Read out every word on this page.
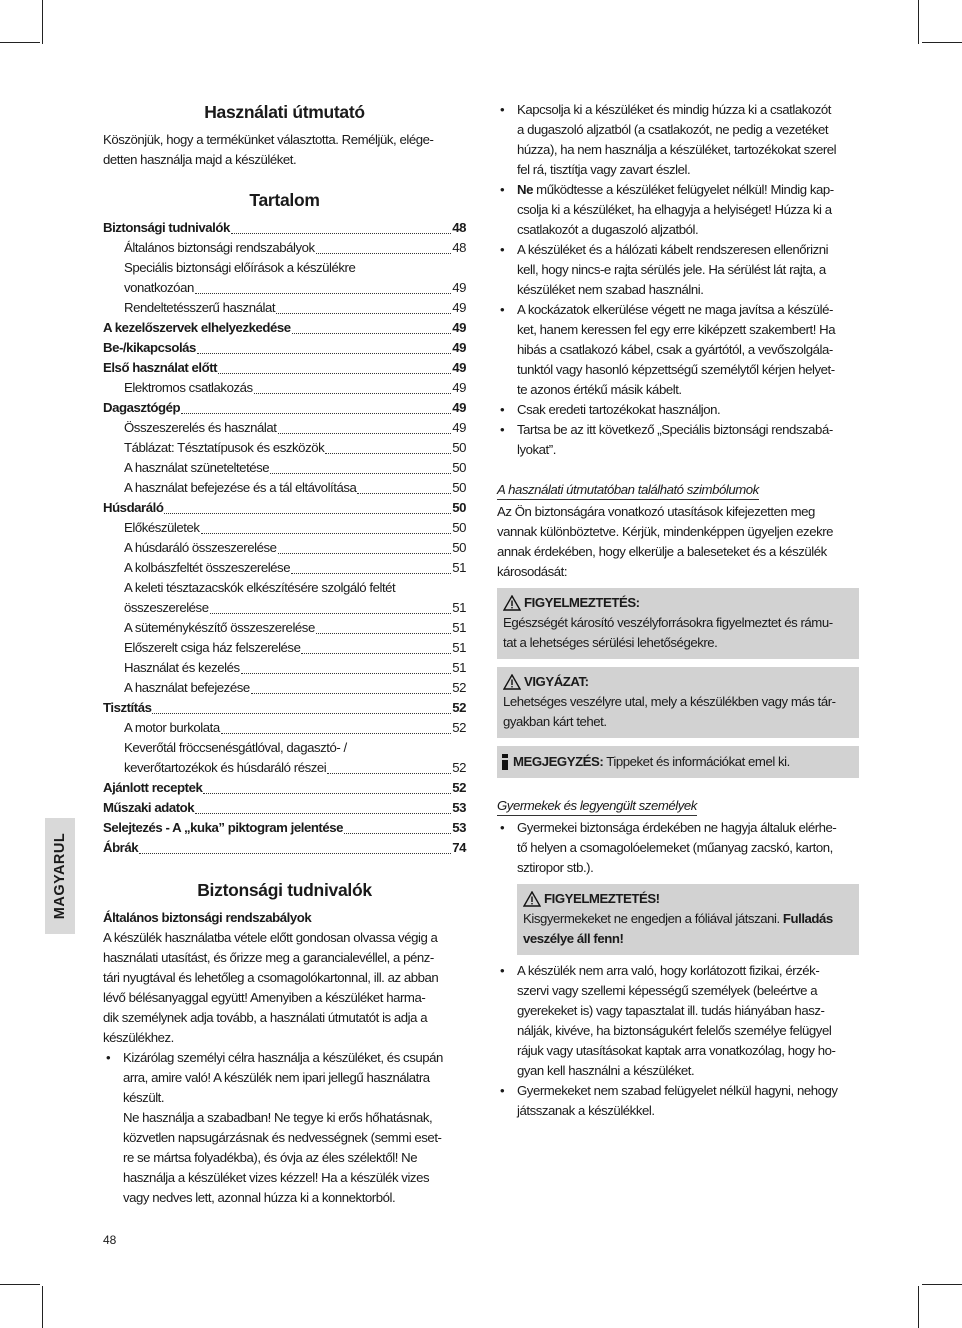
MAGYARUL
Használati útmutató

Köszönjük, hogy a termékünket választotta. Reméljük, elége-
detten használja majd a készüléket.

Tartalom
Biztonsági tudnivalók	48
Általános biztonsági rendszabályok	48
Speciális biztonsági előírások a készülékre
vonatkozóan	49
Rendeltetésszerű használat	49
A kezelőszervek elhelyezkedése	49
Be-/kikapcsolás	49
Első használat előtt	49
Elektromos csatlakozás	49
Dagasztógép	49
Összeszerelés és használat	49
Táblázat: Tésztatípusok és eszközök	50
A használat szüneteltetése	50
A használat befejezése és a tál eltávolítása	50
Húsdaráló	50
Előkészületek	50
A húsdaráló összeszerelése	50
A kolbászfeltét összeszerelése	51
A keleti tésztazacskók elkészítésére szolgáló feltét
összeszerelése	51
A süteménykészítő összeszerelése	51
Előszerelt csiga ház felszerelése	51
Használat és kezelés	51
A használat befejezése	52
Tisztítás	52
A motor burkolata	52
Keverőtál fröccsenésgátlóval, dagasztó- /
keverőtartozékok és húsdaráló részei	52
Ajánlott receptek	52
Műszaki adatok	53
Selejtezés - A „kuka” piktogram jelentése	53
Ábrák	74
Biztonsági tudnivalók

Általános biztonsági rendszabályok

A készülék használatba vétele előtt gondosan olvassa végig a
használati utasítást, és őrizze meg a garancialevéllel, a pénz-
tári nyugtával és lehetőleg a csomagolókartonnal, ill. az abban
lévő bélésanyaggal együtt! Amenyiben a készüléket harma-
dik személynek adja tovább, a használati útmutatót is adja a
készülékhez.

• Kizárólag személyi célra használja a készüléket, és csupán
arra, amire való! A készülék nem ipari jellegű használatra
készült.
Ne használja a szabadban! Ne tegye ki erős hőhatásnak,
közvetlen napsugárzásnak és nedvességnek (semmi eset-
re se mártsa folyadékba), és óvja az éles szélektől! Ne
használja a készüléket vizes kézzel! Ha a készülék vizes
vagy nedves lett, azonnal húzza ki a konnektorból.
• Kapcsolja ki a készüléket és mindig húzza ki a csatlakozót
a dugaszoló aljzatból (a csatlakozót, ne pedig a vezetéket
húzza), ha nem használja a készüléket, tartozékokat szerel
fel rá, tisztítja vagy zavart észlel.
• Ne működtesse a készüléket felügyelet nélkül! Mindig kap-
csolja ki a készüléket, ha elhagyja a helyiséget! Húzza ki a
csatlakozót a dugaszoló aljzatból.
• A készüléket és a hálózati kábelt rendszeresen ellenőrizni
kell, hogy nincs-e rajta sérülés jele. Ha sérülést lát rajta, a
készüléket nem szabad használni.
• A kockázatok elkerülése végett ne maga javítsa a készülé-
ket, hanem keressen fel egy erre kiképzett szakembert! Ha
hibás a csatlakozó kábel, csak a gyártótól, a vevőszolgála-
tunktól vagy hasonló képzettségű személytől kérjen helyet-
te azonos értékű másik kábelt.
• Csak eredeti tartozékokat használjon.
• Tartsa be az itt következő „Speciális biztonsági rendszabá-
lyokat”.
A használati útmutatóban található szimbólumok

Az Ön biztonságára vonatkozó utasítások kifejezetten meg
vannak különböztetve. Kérjük, mindenképpen ügyeljen ezekre
annak érdekében, hogy elkerülje a baleseteket és a készülék
károsodását:

FIGYELMEZTETÉS:
Egészségét károsító veszélyforrásokra figyelmeztet és rámu-
tat a lehetséges sérülési lehetőségekre.
VIGYÁZAT:
Lehetséges veszélyre utal, mely a készülékben vagy más tár-
gyakban kárt tehet.
MEGJEGYZÉS: Tippeket és információkat emel ki.
Gyermekek és legyengült személyek
• Gyermekei biztonsága érdekében ne hagyja általuk elérhe-
tő helyen a csomagolóelemeket (műanyag zacskó, karton,
sztiropor stb.).
FIGYELMEZTETÉS!
Kisgyermekeket ne engedjen a fóliával játszani. Fulladás
veszélye áll fenn!
• A készülék nem arra való, hogy korlátozott fizikai, érzék-
szervi vagy szellemi képességű személyek (beleértve a
gyerekeket is) vagy tapasztalat ill. tudás hiányában hasz-
nálják, kivéve, ha biztonságukért felelős személye felügyel
rájuk vagy utasításokat kaptak arra vonatkozólag, hogy ho-
gyan kell használni a készüléket.
• Gyermekeket nem szabad felügyelet nélkül hagyni, nehogy
játsszanak a készülékkel.
48
